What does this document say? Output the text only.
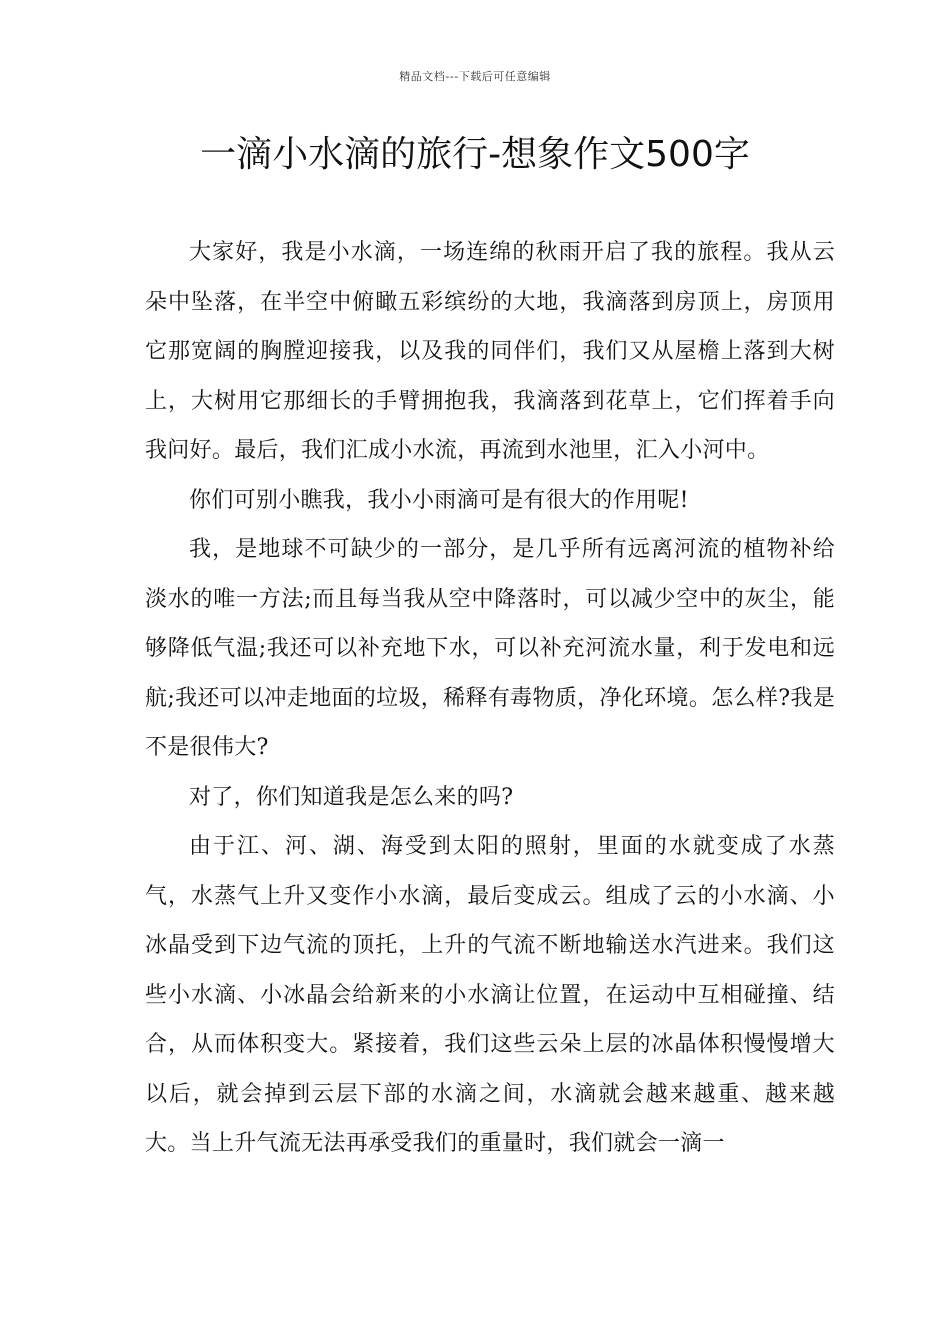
精品文档---下载后可任意编辑
一滴小水滴的旅行-想象作文500字

大家好，我是小水滴，一场连绵的秋雨开启了我的旅程。我从云朵中坠落，在半空中俯瞰五彩缤纷的大地，我滴落到房顶上，房顶用它那宽阔的胸膛迎接我，以及我的同伴们，我们又从屋檐上落到大树上，大树用它那细长的手臂拥抱我，我滴落到花草上，它们挥着手向我问好。最后，我们汇成小水流，再流到水池里，汇入小河中。

你们可别小瞧我，我小小雨滴可是有很大的作用呢!

我，是地球不可缺少的一部分，是几乎所有远离河流的植物补给淡水的唯一方法;而且每当我从空中降落时，可以减少空中的灰尘，能够降低气温;我还可以补充地下水，可以补充河流水量，利于发电和远航;我还可以冲走地面的垃圾，稀释有毒物质，净化环境。怎么样?我是不是很伟大?

对了，你们知道我是怎么来的吗?

由于江、河、湖、海受到太阳的照射，里面的水就变成了水蒸气，水蒸气上升又变作小水滴，最后变成云。组成了云的小水滴、小冰晶受到下边气流的顶托，上升的气流不断地输送水汽进来。我们这些小水滴、小冰晶会给新来的小水滴让位置，在运动中互相碰撞、结合，从而体积变大。紧接着，我们这些云朵上层的冰晶体积慢慢增大以后，就会掉到云层下部的水滴之间，水滴就会越来越重、越来越大。当上升气流无法再承受我们的重量时，我们就会一滴一
